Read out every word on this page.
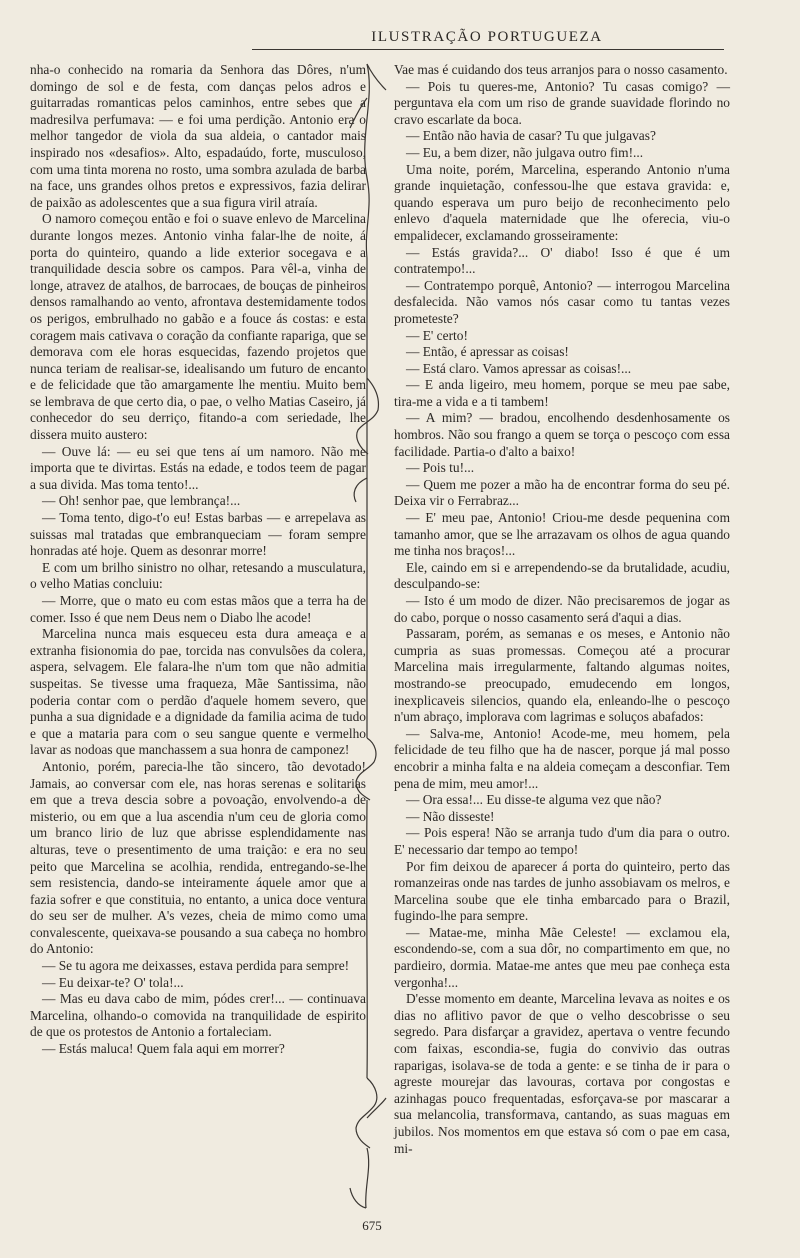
ILUSTRAÇÃO PORTUGUEZA

nha-o conhecido na romaria da Senhora das Dôres, n'um domingo de sol e de festa, com danças pelos adros e guitarradas romanticas pelos caminhos, entre sebes que a madresilva perfumava: — e foi uma perdição. Antonio era o melhor tangedor de viola da sua aldeia, o cantador mais inspirado nos «desafios». Alto, espadaúdo, forte, musculoso, com uma tinta morena no rosto, uma sombra azulada de barba na face, uns grandes olhos pretos e expressivos, fazia delirar de paixão as adolescentes que a sua figura viril atraía.

O namoro começou então e foi o suave enlevo de Marcelina durante longos mezes. Antonio vinha falar-lhe de noite, á porta do quinteiro, quando a lide exterior socegava e a tranquilidade descia sobre os campos. Para vêl-a, vinha de longe, atravez de atalhos, de barrocaes, de bouças de pinheiros densos ramalhando ao vento, afrontava destemidamente todos os perigos, embrulhado no gabão e a fouce ás costas: e esta coragem mais cativava o coração da confiante rapariga, que se demorava com ele horas esquecidas, fazendo projetos que nunca teriam de realisar-se, idealisando um futuro de encanto e de felicidade que tão amargamente lhe mentiu. Muito bem se lembrava de que certo dia, o pae, o velho Matias Caseiro, já conhecedor do seu derriço, fitando-a com seriedade, lhe dissera muito austero:

— Ouve lá: — eu sei que tens aí um namoro. Não me importa que te divirtas. Estás na edade, e todos teem de pagar a sua divida. Mas toma tento!...

— Oh! senhor pae, que lembrança!...

— Toma tento, digo-t'o eu! Estas barbas — e arrepelava as suissas mal tratadas que embranqueciam — foram sempre honradas até hoje. Quem as desonrar morre!

E com um brilho sinistro no olhar, retesando a musculatura, o velho Matias concluiu:

— Morre, que o mato eu com estas mãos que a terra ha de comer. Isso é que nem Deus nem o Diabo lhe acode!

Marcelina nunca mais esqueceu esta dura ameaça e a extranha fisionomia do pae, torcida nas convulsões da colera, aspera, selvagem. Ele falara-lhe n'um tom que não admitia suspeitas. Se tivesse uma fraqueza, Mãe Santissima, não poderia contar com o perdão d'aquele homem severo, que punha a sua dignidade e a dignidade da familia acima de tudo e que a mataria para com o seu sangue quente e vermelho lavar as nodoas que manchassem a sua honra de camponez!

Antonio, porém, parecia-lhe tão sincero, tão devotado! Jamais, ao conversar com ele, nas horas serenas e solitarias em que a treva descia sobre a povoação, envolvendo-a de misterio, ou em que a lua ascendia n'um ceu de gloria como um branco lirio de luz que abrisse esplendidamente nas alturas, teve o presentimento de uma traição: e era no seu peito que Marcelina se acolhia, rendida, entregando-se-lhe sem resistencia, dando-se inteiramente áquele amor que a fazia sofrer e que constituia, no entanto, a unica doce ventura do seu ser de mulher. A's vezes, cheia de mimo como uma convalescente, queixava-se pousando a sua cabeça no hombro do Antonio:

— Se tu agora me deixasses, estava perdida para sempre!

— Eu deixar-te? O' tola!...

— Mas eu dava cabo de mim, pódes crer!... — continuava Marcelina, olhando-o comovida na tranquilidade de espirito de que os protestos de Antonio a fortaleciam.

— Estás maluca! Quem fala aqui em morrer?

Vae mas é cuidando dos teus arranjos para o nosso casamento.

— Pois tu queres-me, Antonio? Tu casas comigo? — perguntava ela com um riso de grande suavidade florindo no cravo escarlate da boca.

— Então não havia de casar? Tu que julgavas?

— Eu, a bem dizer, não julgava outro fim!...

Uma noite, porém, Marcelina, esperando Antonio n'uma grande inquietação, confessou-lhe que estava gravida: e, quando esperava um puro beijo de reconhecimento pelo enlevo d'aquela maternidade que lhe oferecia, viu-o empalidecer, exclamando grosseiramente:

— Estás gravida?... O' diabo! Isso é que é um contratempo!...

— Contratempo porquê, Antonio? — interrogou Marcelina desfalecida. Não vamos nós casar como tu tantas vezes prometeste?

— E' certo!

— Então, é apressar as coisas!

— Está claro. Vamos apressar as coisas!...

— E anda ligeiro, meu homem, porque se meu pae sabe, tira-me a vida e a ti tambem!

— A mim? — bradou, encolhendo desdenhosamente os hombros. Não sou frango a quem se torça o pescoço com essa facilidade. Partia-o d'alto a baixo!

— Pois tu!...

— Quem me pozer a mão ha de encontrar forma do seu pé. Deixa vir o Ferrabraz...

— E' meu pae, Antonio! Criou-me desde pequenina com tamanho amor, que se lhe arrazavam os olhos de agua quando me tinha nos braços!...

Ele, caindo em si e arrependendo-se da brutalidade, acudiu, desculpando-se:

— Isto é um modo de dizer. Não precisaremos de jogar as do cabo, porque o nosso casamento será d'aqui a dias.

Passaram, porém, as semanas e os meses, e Antonio não cumpria as suas promessas. Começou até a procurar Marcelina mais irregularmente, faltando algumas noites, mostrando-se preocupado, emudecendo em longos, inexplicaveis silencios, quando ela, enleando-lhe o pescoço n'um abraço, implorava com lagrimas e soluços abafados:

— Salva-me, Antonio! Acode-me, meu homem, pela felicidade de teu filho que ha de nascer, porque já mal posso encobrir a minha falta e na aldeia começam a desconfiar. Tem pena de mim, meu amor!...

— Ora essa!... Eu disse-te alguma vez que não?

— Não disseste!

— Pois espera! Não se arranja tudo d'um dia para o outro. E' necessario dar tempo ao tempo!

Por fim deixou de aparecer á porta do quinteiro, perto das romanzeiras onde nas tardes de junho assobiavam os melros, e Marcelina soube que ele tinha embarcado para o Brazil, fugindo-lhe para sempre.

— Matae-me, minha Mãe Celeste! — exclamou ela, escondendo-se, com a sua dôr, no compartimento em que, no pardieiro, dormia. Matae-me antes que meu pae conheça esta vergonha!...

D'esse momento em deante, Marcelina levava as noites e os dias no aflitivo pavor de que o velho descobrisse o seu segredo. Para disfarçar a gravidez, apertava o ventre fecundo com faixas, escondia-se, fugia do convivio das outras raparigas, isolava-se de toda a gente: e se tinha de ir para o agreste mourejar das lavouras, cortava por congostas e azinhagas pouco frequentadas, esforçava-se por mascarar a sua melancolia, transformava, cantando, as suas maguas em jubilos. Nos momentos em que estava só com o pae em casa, mi-

675
